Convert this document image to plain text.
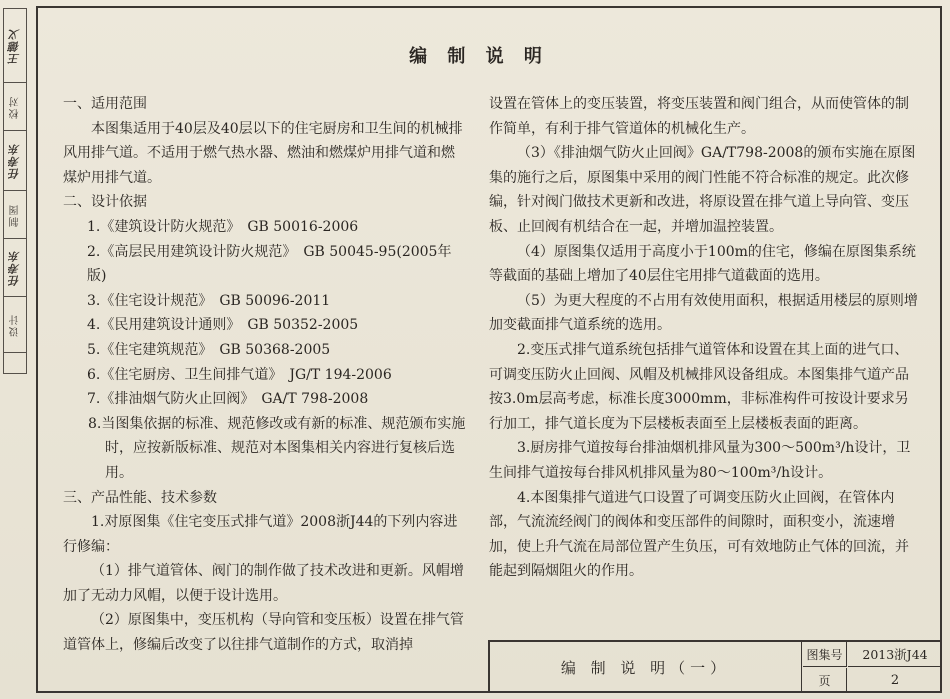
王德义
校对
任寿东
制图
任寿东
设计
编 制 说 明

一、适用范围

本图集适用于40层及40层以下的住宅厨房和卫生间的机械排风用排气道。不适用于燃气热水器、燃油和燃煤炉用排气道和燃煤炉用排气道。

二、设计依据

1.《建筑设计防火规范》　GB 50016-2006

2.《高层民用建筑设计防火规范》　GB 50045-95(2005年版)

3.《住宅设计规范》　GB 50096-2011

4.《民用建筑设计通则》　GB 50352-2005

5.《住宅建筑规范》　GB 50368-2005

6.《住宅厨房、卫生间排气道》　JG/T 194-2006

7.《排油烟气防火止回阀》　GA/T 798-2008

8.当图集依据的标准、规范修改或有新的标准、规范颁布实施时，应按新版标准、规范对本图集相关内容进行复核后选用。

三、产品性能、技术参数

1.对原图集《住宅变压式排气道》2008浙J44的下列内容进行修编：

（1）排气道管体、阀门的制作做了技术改进和更新。风帽增加了无动力风帽，以便于设计选用。

（2）原图集中，变压机构（导向管和变压板）设置在排气管道管体上，修编后改变了以往排气道制作的方式，取消掉

设置在管体上的变压装置，将变压装置和阀门组合，从而使管体的制作简单，有利于排气管道体的机械化生产。

（3）《排油烟气防火止回阀》GA/T798-2008的颁布实施在原图集的施行之后，原图集中采用的阀门性能不符合标准的规定。此次修编，针对阀门做技术更新和改进，将原设置在排气道上导向管、变压板、止回阀有机结合在一起，并增加温控装置。

（4）原图集仅适用于高度小于100m的住宅，修编在原图集系统等截面的基础上增加了40层住宅用排气道截面的选用。

（5）为更大程度的不占用有效使用面积，根据适用楼层的原则增加变截面排气道系统的选用。

2.变压式排气道系统包括排气道管体和设置在其上面的进气口、可调变压防火止回阀、风帽及机械排风设备组成。本图集排气道产品按3.0m层高考虑，标准长度3000mm，非标准构件可按设计要求另行加工，排气道长度为下层楼板表面至上层楼板表面的距离。

3.厨房排气道按每台排油烟机排风量为300～500m³/h设计，卫生间排气道按每台排风机排风量为80～100m³/h设计。

4.本图集排气道进气口设置了可调变压防火止回阀，在管体内部，气流流经阀门的阀体和变压部件的间隙时，面积变小，流速增加，使上升气流在局部位置产生负压，可有效地防止气体的回流，并能起到隔烟阻火的作用。

编 制 说 明（一）
图集号	2013浙J44
页	2
